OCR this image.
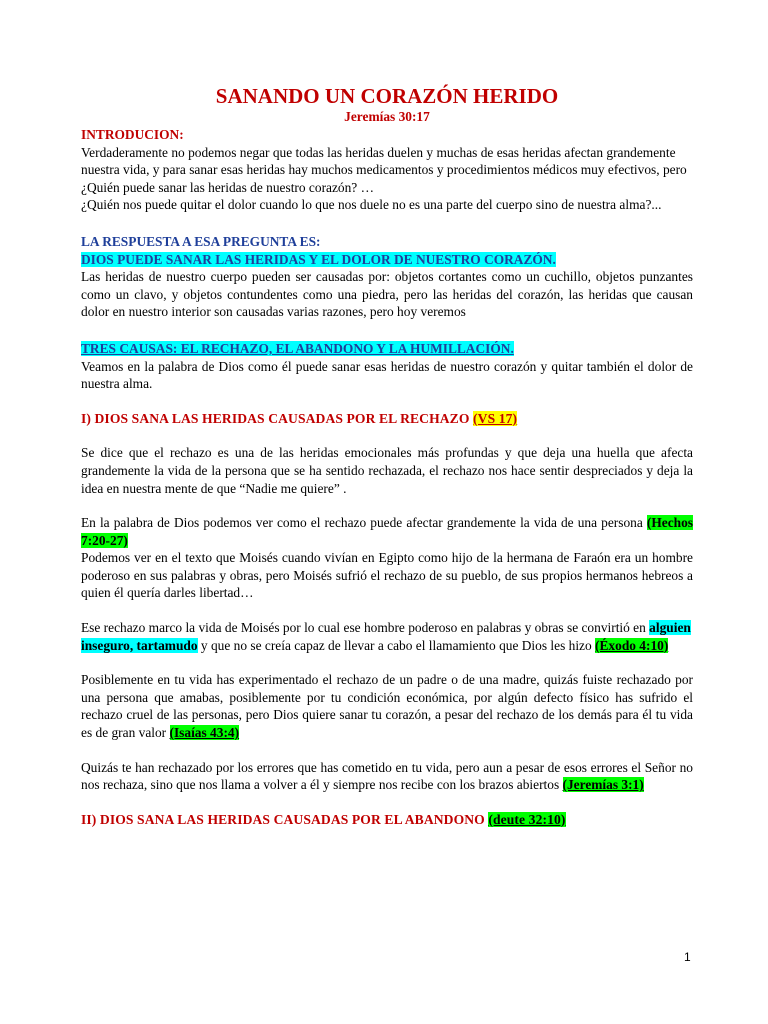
SANANDO UN CORAZÓN HERIDO

Jeremías 30:17

INTRODUCION:

Verdaderamente no podemos negar que todas las heridas duelen y muchas de esas heridas afectan grandemente nuestra vida, y para sanar esas heridas hay muchos medicamentos y procedimientos médicos muy efectivos, pero ¿Quién puede sanar las heridas de nuestro corazón? …

¿Quién nos puede quitar el dolor cuando lo que nos duele no es una parte del cuerpo sino de nuestra alma?...

LA RESPUESTA A ESA PREGUNTA ES:

DIOS PUEDE SANAR LAS HERIDAS Y EL DOLOR DE NUESTRO CORAZÓN.

Las heridas de nuestro cuerpo pueden ser causadas por: objetos cortantes como un cuchillo, objetos punzantes como un clavo, y objetos contundentes como una piedra, pero las heridas del corazón, las heridas que causan dolor en nuestro interior son causadas varias razones, pero hoy veremos

TRES CAUSAS: EL RECHAZO, EL ABANDONO Y LA HUMILLACIÓN.

Veamos en la palabra de Dios como él puede sanar esas heridas de nuestro corazón y quitar también el dolor de nuestra alma.

I) DIOS SANA LAS HERIDAS CAUSADAS POR EL RECHAZO (VS 17)

Se dice que el rechazo es una de las heridas emocionales más profundas y que deja una huella que afecta grandemente la vida de la persona que se ha sentido rechazada, el rechazo nos hace sentir despreciados y deja la idea en nuestra mente de que “Nadie me quiere” .

En la palabra de Dios podemos ver como el rechazo puede afectar grandemente la vida de una persona (Hechos 7:20-27)

Podemos ver en el texto que Moisés cuando vivían en Egipto como hijo de la hermana de Faraón era un hombre poderoso en sus palabras y obras, pero Moisés sufrió el rechazo de su pueblo, de sus propios hermanos hebreos a quien él quería darles libertad…

Ese rechazo marco la vida de Moisés por lo cual ese hombre poderoso en palabras y obras se convirtió en alguien inseguro, tartamudo y que no se creía capaz de llevar a cabo el llamamiento que Dios les hizo (Éxodo 4:10)

Posiblemente en tu vida has experimentado el rechazo de un padre o de una madre, quizás fuiste rechazado por una persona que amabas, posiblemente por tu condición económica, por algún defecto físico has sufrido el rechazo cruel de las personas, pero Dios quiere sanar tu corazón, a pesar del rechazo de los demás para él tu vida es de gran valor (Isaías 43:4)

Quizás te han rechazado por los errores que has cometido en tu vida, pero aun a pesar de esos errores el Señor no nos rechaza, sino que nos llama a volver a él y siempre nos recibe con los brazos abiertos (Jeremías 3:1)

II) DIOS SANA LAS HERIDAS CAUSADAS POR EL ABANDONO (deute 32:10)

1
